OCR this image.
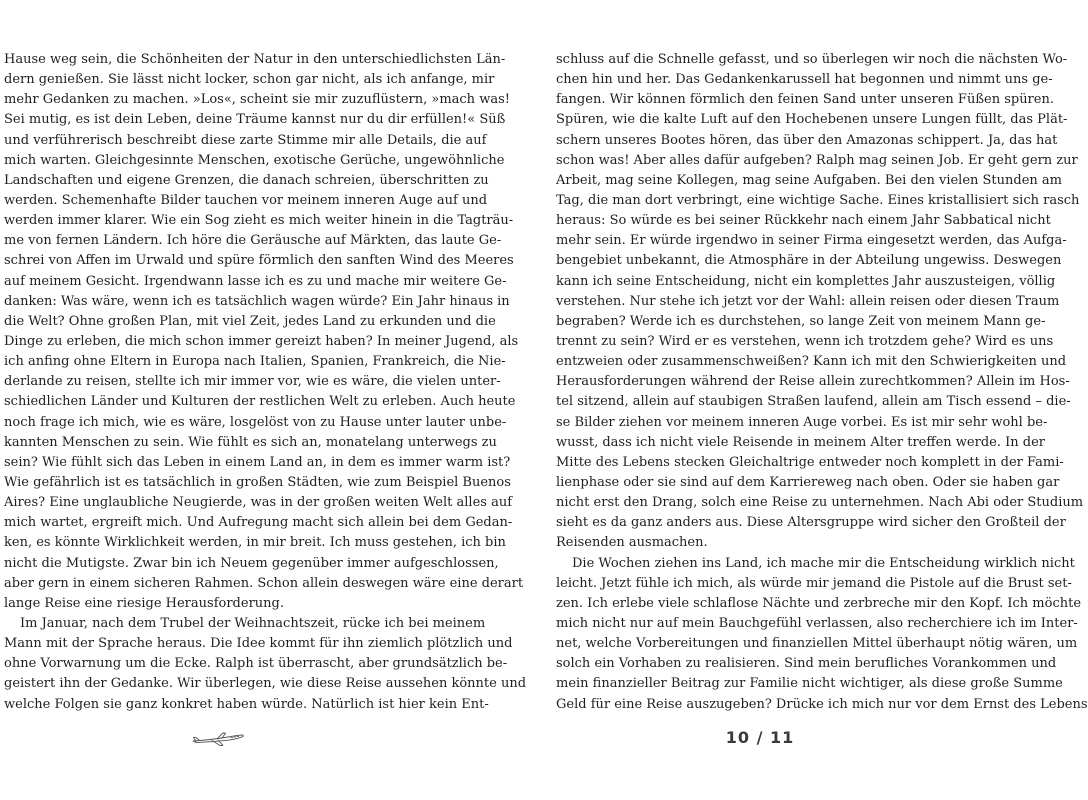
Hause weg sein, die Schönheiten der Natur in den unterschiedlichsten Län-
dern genießen. Sie lässt nicht locker, schon gar nicht, als ich anfange, mir
mehr Gedanken zu machen. »Los«, scheint sie mir zuzuflüstern, »mach was!
Sei mutig, es ist dein Leben, deine Träume kannst nur du dir erfüllen!« Süß
und verführerisch beschreibt diese zarte Stimme mir alle Details, die auf
mich warten. Gleichgesinnte Menschen, exotische Gerüche, ungewöhnliche
Landschaften und eigene Grenzen, die danach schreien, überschritten zu
werden. Schemenhafte Bilder tauchen vor meinem inneren Auge auf und
werden immer klarer. Wie ein Sog zieht es mich weiter hinein in die Tagträu-
me von fernen Ländern. Ich höre die Geräusche auf Märkten, das laute Ge-
schrei von Affen im Urwald und spüre förmlich den sanften Wind des Meeres
auf meinem Gesicht. Irgendwann lasse ich es zu und mache mir weitere Ge-
danken: Was wäre, wenn ich es tatsächlich wagen würde? Ein Jahr hinaus in
die Welt? Ohne großen Plan, mit viel Zeit, jedes Land zu erkunden und die
Dinge zu erleben, die mich schon immer gereizt haben? In meiner Jugend, als
ich anfing ohne Eltern in Europa nach Italien, Spanien, Frankreich, die Nie-
derlande zu reisen, stellte ich mir immer vor, wie es wäre, die vielen unter-
schiedlichen Länder und Kulturen der restlichen Welt zu erleben. Auch heute
noch frage ich mich, wie es wäre, losgelöst von zu Hause unter lauter unbe-
kannten Menschen zu sein. Wie fühlt es sich an, monatelang unterwegs zu
sein? Wie fühlt sich das Leben in einem Land an, in dem es immer warm ist?
Wie gefährlich ist es tatsächlich in großen Städten, wie zum Beispiel Buenos
Aires? Eine unglaubliche Neugierde, was in der großen weiten Welt alles auf
mich wartet, ergreift mich. Und Aufregung macht sich allein bei dem Gedan-
ken, es könnte Wirklichkeit werden, in mir breit. Ich muss gestehen, ich bin
nicht die Mutigste. Zwar bin ich Neuem gegenüber immer aufgeschlossen,
aber gern in einem sicheren Rahmen. Schon allein deswegen wäre eine derart
lange Reise eine riesige Herausforderung.
Im Januar, nach dem Trubel der Weihnachtszeit, rücke ich bei meinem
Mann mit der Sprache heraus. Die Idee kommt für ihn ziemlich plötzlich und
ohne Vorwarnung um die Ecke. Ralph ist überrascht, aber grundsätzlich be-
geistert ihn der Gedanke. Wir überlegen, wie diese Reise aussehen könnte und
welche Folgen sie ganz konkret haben würde. Natürlich ist hier kein Ent-
schluss auf die Schnelle gefasst, und so überlegen wir noch die nächsten Wo-
chen hin und her. Das Gedankenkarussell hat begonnen und nimmt uns ge-
fangen. Wir können förmlich den feinen Sand unter unseren Füßen spüren.
Spüren, wie die kalte Luft auf den Hochebenen unsere Lungen füllt, das Plät-
schern unseres Bootes hören, das über den Amazonas schippert. Ja, das hat
schon was! Aber alles dafür aufgeben? Ralph mag seinen Job. Er geht gern zur
Arbeit, mag seine Kollegen, mag seine Aufgaben. Bei den vielen Stunden am
Tag, die man dort verbringt, eine wichtige Sache. Eines kristallisiert sich rasch
heraus: So würde es bei seiner Rückkehr nach einem Jahr Sabbatical nicht
mehr sein. Er würde irgendwo in seiner Firma eingesetzt werden, das Aufga-
bengebiet unbekannt, die Atmosphäre in der Abteilung ungewiss. Deswegen
kann ich seine Entscheidung, nicht ein komplettes Jahr auszusteigen, völlig
verstehen. Nur stehe ich jetzt vor der Wahl: allein reisen oder diesen Traum
begraben? Werde ich es durchstehen, so lange Zeit von meinem Mann ge-
trennt zu sein? Wird er es verstehen, wenn ich trotzdem gehe? Wird es uns
entzweien oder zusammenschweißen? Kann ich mit den Schwierigkeiten und
Herausforderungen während der Reise allein zurechtkommen? Allein im Hos-
tel sitzend, allein auf staubigen Straßen laufend, allein am Tisch essend – die-
se Bilder ziehen vor meinem inneren Auge vorbei. Es ist mir sehr wohl be-
wusst, dass ich nicht viele Reisende in meinem Alter treffen werde. In der
Mitte des Lebens stecken Gleichaltrige entweder noch komplett in der Fami-
lienphase oder sie sind auf dem Karriereweg nach oben. Oder sie haben gar
nicht erst den Drang, solch eine Reise zu unternehmen. Nach Abi oder Studium
sieht es da ganz anders aus. Diese Altersgruppe wird sicher den Großteil der
Reisenden ausmachen.
Die Wochen ziehen ins Land, ich mache mir die Entscheidung wirklich nicht
leicht. Jetzt fühle ich mich, als würde mir jemand die Pistole auf die Brust set-
zen. Ich erlebe viele schlaflose Nächte und zerbreche mir den Kopf. Ich möchte
mich nicht nur auf mein Bauchgefühl verlassen, also recherchiere ich im Inter-
net, welche Vorbereitungen und finanziellen Mittel überhaupt nötig wären, um
solch ein Vorhaben zu realisieren. Sind mein berufliches Vorankommen und
mein finanzieller Beitrag zur Familie nicht wichtiger, als diese große Summe
Geld für eine Reise auszugeben? Drücke ich mich nur vor dem Ernst des Lebens
10 / 11
